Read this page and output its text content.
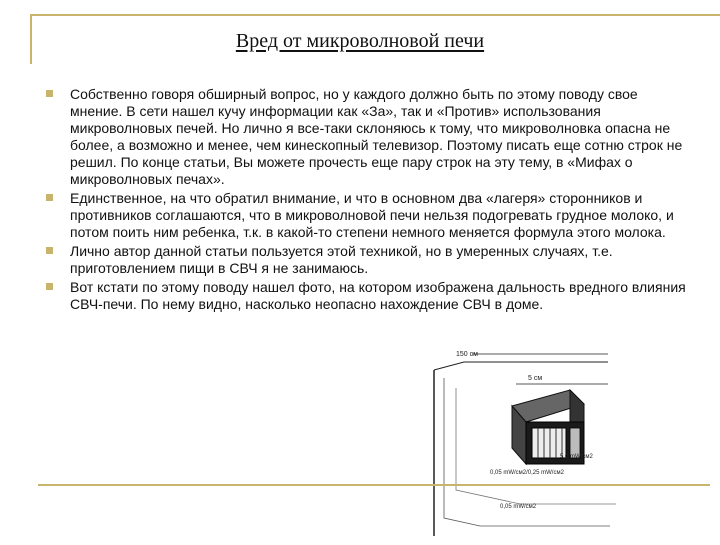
Вред от микроволновой печи
Собственно говоря обширный вопрос, но у каждого должно быть по этому поводу свое мнение. В сети нашел кучу информации как «За», так и «Против» использования микроволновых печей. Но лично я все-таки склоняюсь к тому, что микроволновка опасна не более, а возможно и менее, чем кинескопный телевизор. Поэтому писать еще сотню строк не решил. По конце статьи, Вы можете прочесть еще пару строк на эту тему, в «Мифах о микроволновых печах».
Единственное, на что обратил внимание, и что в основном два «лагеря» сторонников и противников соглашаются, что в микроволновой печи нельзя подогревать грудное молоко, и потом поить ним ребенка, т.к. в какой-то степени немного меняется формула этого молока.
Лично автор данной статьи пользуется этой техникой, но в умеренных случаях, т.е. приготовлением пищи в СВЧ я не занимаюсь.
Вот кстати по этому поводу нашел фото, на котором изображена дальность вредного влияния СВЧ-печи. По нему видно, насколько неопасно нахождение СВЧ в доме.
150 см
5 см
5,0 mW/см2
0,05 mW/см2/0,25 mW/см2
0,05 mW/см2
